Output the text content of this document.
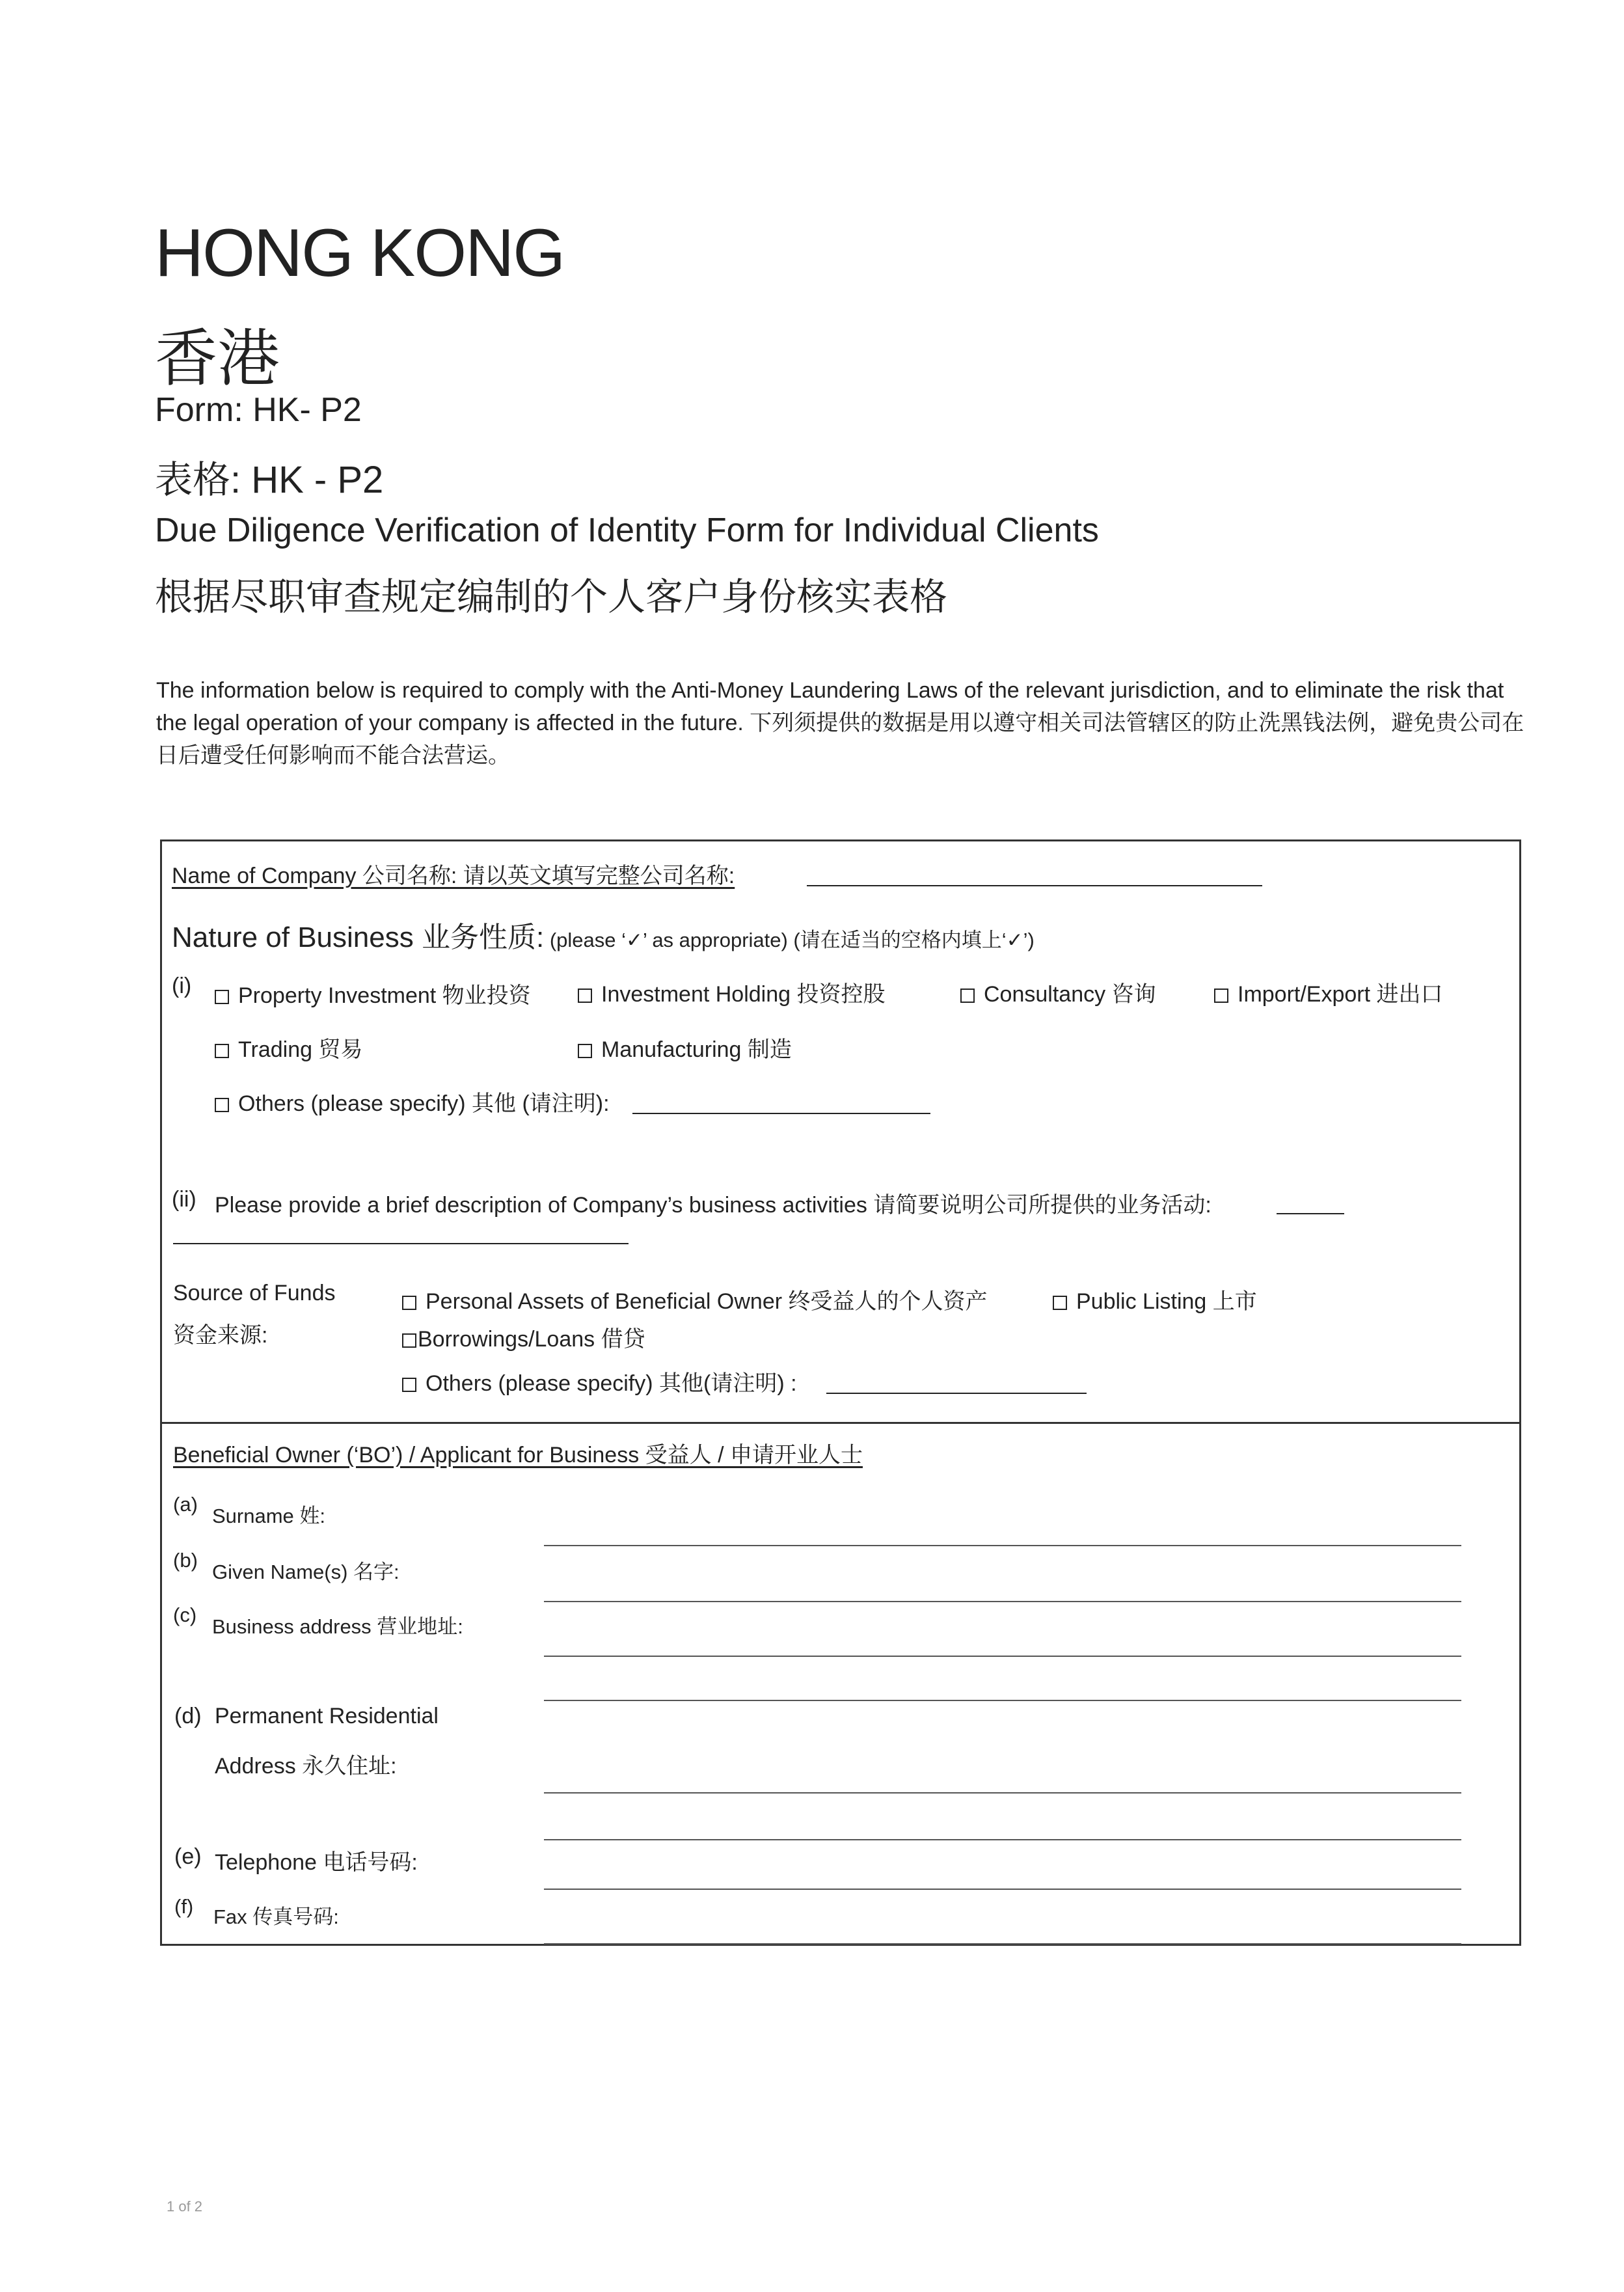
HONG KONG
香港
Form: HK- P2
表格: HK - P2
Due Diligence Verification of Identity Form for Individual Clients
根据尽职审查规定编制的个人客户身份核实表格
The information below is required to comply with the Anti-Money Laundering Laws of the relevant jurisdiction, and to eliminate the risk that the legal operation of your company is affected in the future. 下列须提供的数据是用以遵守相关司法管辖区的防止洗黑钱法例，避免贵公司在日后遭受任何影响而不能合法营运。
Name of Company 公司名称: 请以英文填写完整公司名称:
Nature of Business 业务性质: (please ‘✓’ as appropriate) (请在适当的空格内填上‘✓’)
(i)	Property Investment 物业投资	Investment Holding 投资控股	Consultancy 咨询	Import/Export 进出口
Trading 贸易	Manufacturing 制造
Others (please specify) 其他 (请注明):
(ii) Please provide a brief description of Company’s business activities 请简要说明公司所提供的业务活动:
Source of Funds
资金来源:
Personal Assets of Beneficial Owner 终受益人的个人资产	Public Listing 上市
Borrowings/Loans 借贷
Others (please specify) 其他(请注明) :
Beneficial Owner (‘BO’) / Applicant for Business 受益人 / 申请开业人士
(a)
Surname 姓:
(b)
Given Name(s) 名字:
(c)
Business address 营业地址:
(d) Permanent Residential
Address 永久住址:
(e) Telephone 电话号码:
(f) Fax 传真号码:
1 of 2
